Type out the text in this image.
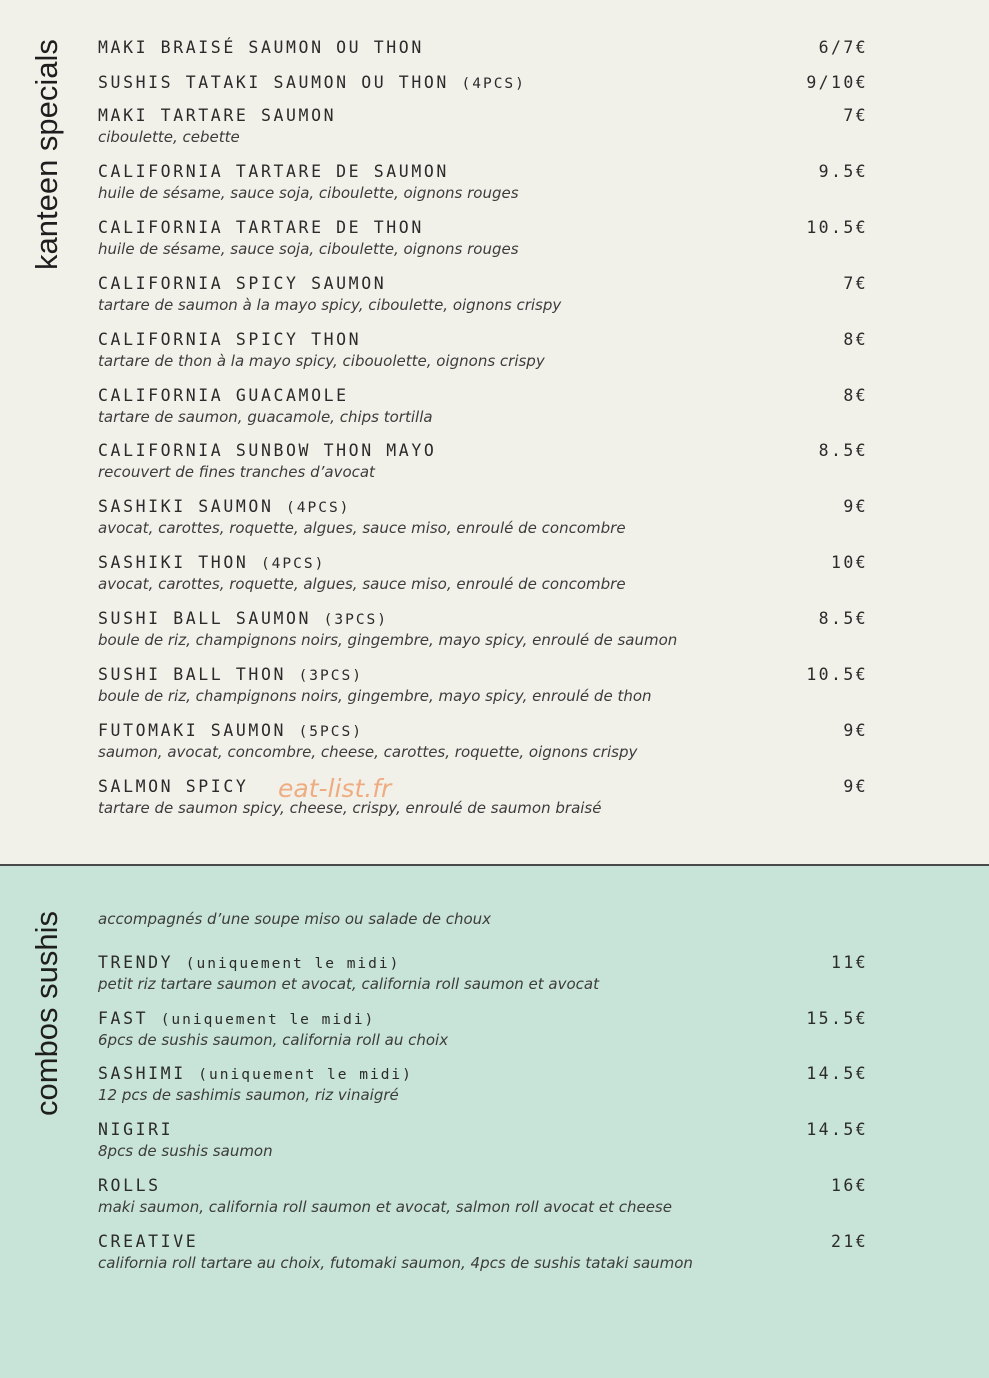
kanteen specials
combos sushis
MAKI BRAISÉ SAUMON OU THON	6/7€
SUSHIS TATAKI SAUMON OU THON (4PCS)	9/10€
MAKI TARTARE SAUMON	7€
ciboulette, cebette
CALIFORNIA TARTARE DE SAUMON	9.5€
huile de sésame, sauce soja, ciboulette, oignons rouges
CALIFORNIA TARTARE DE THON	10.5€
huile de sésame, sauce soja, ciboulette, oignons rouges
CALIFORNIA SPICY SAUMON	7€
tartare de saumon à la mayo spicy, ciboulette, oignons crispy
CALIFORNIA SPICY THON	8€
tartare de thon à la mayo spicy, cibouolette, oignons crispy
CALIFORNIA GUACAMOLE	8€
tartare de saumon, guacamole, chips tortilla
CALIFORNIA SUNBOW THON MAYO	8.5€
recouvert de fines tranches d’avocat
SASHIKI SAUMON (4PCS)	9€
avocat, carottes, roquette, algues, sauce miso, enroulé de concombre
SASHIKI THON (4PCS)	10€
avocat, carottes, roquette, algues, sauce miso, enroulé de concombre
SUSHI BALL SAUMON (3PCS)	8.5€
boule de riz, champignons noirs, gingembre, mayo spicy, enroulé de saumon
SUSHI BALL THON (3PCS)	10.5€
boule de riz, champignons noirs, gingembre, mayo spicy, enroulé de thon
FUTOMAKI SAUMON (5PCS)	9€
saumon, avocat, concombre, cheese, carottes, roquette, oignons crispy
SALMON SPICY	9€
tartare de saumon spicy, cheese, crispy, enroulé de saumon braisé
accompagnés d’une soupe miso ou salade de choux
TRENDY (uniquement le midi)	11€
petit riz tartare saumon et avocat, california roll saumon et avocat
FAST (uniquement le midi)	15.5€
6pcs de sushis saumon, california roll au choix
SASHIMI (uniquement le midi)	14.5€
12 pcs de sashimis saumon, riz vinaigré
NIGIRI	14.5€
8pcs de sushis saumon
ROLLS	16€
maki saumon, california roll saumon et avocat, salmon roll avocat et cheese
CREATIVE	21€
california roll tartare au choix, futomaki saumon, 4pcs de sushis tataki saumon
eat-list.fr
